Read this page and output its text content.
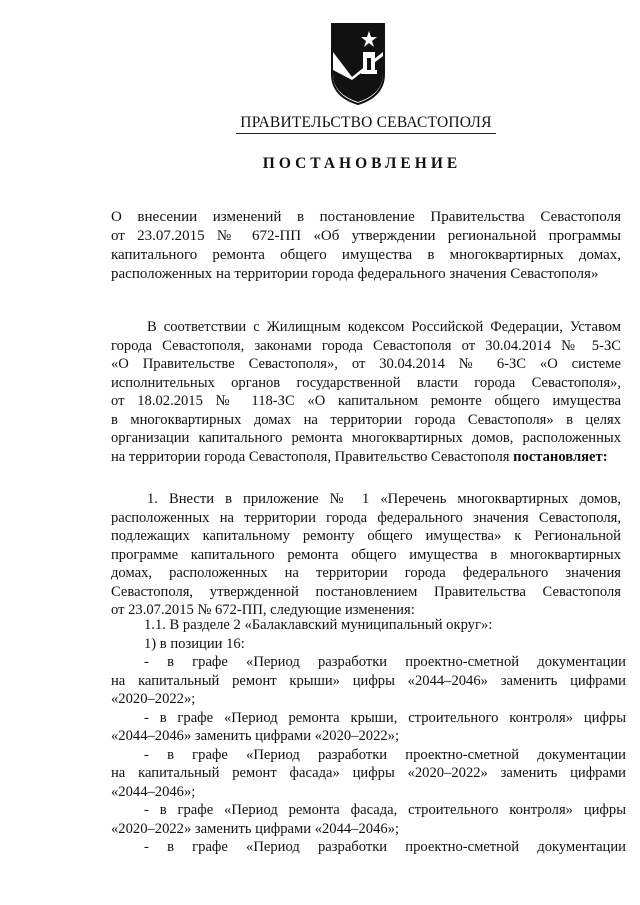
ПРАВИТЕЛЬСТВО СЕВАСТОПОЛЯ
ПОСТАНОВЛЕНИЕ
О внесении изменений в постановление Правительства Севастополя
от 23.07.2015 № 672-ПП «Об утверждении региональной программы
капитального ремонта общего имущества в многоквартирных домах,
расположенных на территории города федерального значения Севастополя»
В соответствии с Жилищным кодексом Российской Федерации, Уставом
города Севастополя, законами города Севастополя от 30.04.2014 № 5-ЗС
«О Правительстве Севастополя», от 30.04.2014 № 6-ЗС «О системе
исполнительных органов государственной власти города Севастополя»,
от 18.02.2015 № 118-ЗС «О капитальном ремонте общего имущества
в многоквартирных домах на территории города Севастополя» в целях
организации капитального ремонта многоквартирных домов, расположенных
на территории города Севастополя, Правительство Севастополя постановляет:
1. Внести в приложение № 1 «Перечень многоквартирных домов,
расположенных на территории города федерального значения Севастополя,
подлежащих капитальному ремонту общего имущества» к Региональной
программе капитального ремонта общего имущества в многоквартирных
домах, расположенных на территории города федерального значения
Севастополя, утвержденной постановлением Правительства Севастополя
от 23.07.2015 № 672-ПП, следующие изменения:
1.1. В разделе 2 «Балаклавский муниципальный округ»:
1) в позиции 16:
- в графе «Период разработки проектно-сметной документации
на капитальный ремонт крыши» цифры «2044–2046» заменить цифрами
«2020–2022»;
- в графе «Период ремонта крыши, строительного контроля» цифры
«2044–2046» заменить цифрами «2020–2022»;
- в графе «Период разработки проектно-сметной документации
на капитальный ремонт фасада» цифры «2020–2022» заменить цифрами
«2044–2046»;
- в графе «Период ремонта фасада, строительного контроля» цифры
«2020–2022» заменить цифрами «2044–2046»;
- в графе «Период разработки проектно-сметной документации
